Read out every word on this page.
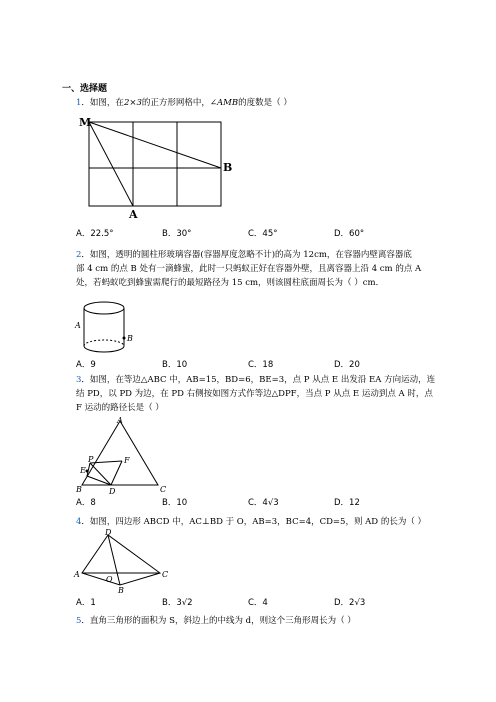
一、选择题
1．如图，在2×3的正方形网格中，∠AMB的度数是（ ）
M
B
A
A．22.5°	B．30°	C．45°	D．60°
2．如图，透明的圆柱形玻璃容器(容器厚度忽略不计)的高为 12cm，在容器内壁离容器底
部 4 cm 的点 B 处有一滴蜂蜜，此时一只蚂蚁正好在容器外壁，且离容器上沿 4 cm 的点 A
处，若蚂蚁吃到蜂蜜需爬行的最短路径为 15 cm，则该圆柱底面周长为（ ）cm．
A
B
A．9	B．10	C．18	D．20
3．如图，在等边△ABC 中，AB=15，BD=6，BE=3，点 P 从点 E 出发沿 EA 方向运动，连
结 PD，以 PD 为边，在 PD 右侧按如图方式作等边△DPF，当点 P 从点 E 运动到点 A 时，点
F 运动的路径长是（ ）
A
B	C
D
E
P	F
A．8	B．10	C．4√3	D．12
4．如图，四边形 ABCD 中，AC⊥BD 于 O，AB=3，BC=4，CD=5，则 AD 的长为（ ）
D
A	C
O
B
A．1	B．3√2	C．4	D．2√3
5．直角三角形的面积为 S，斜边上的中线为 d，则这个三角形周长为（ ）
